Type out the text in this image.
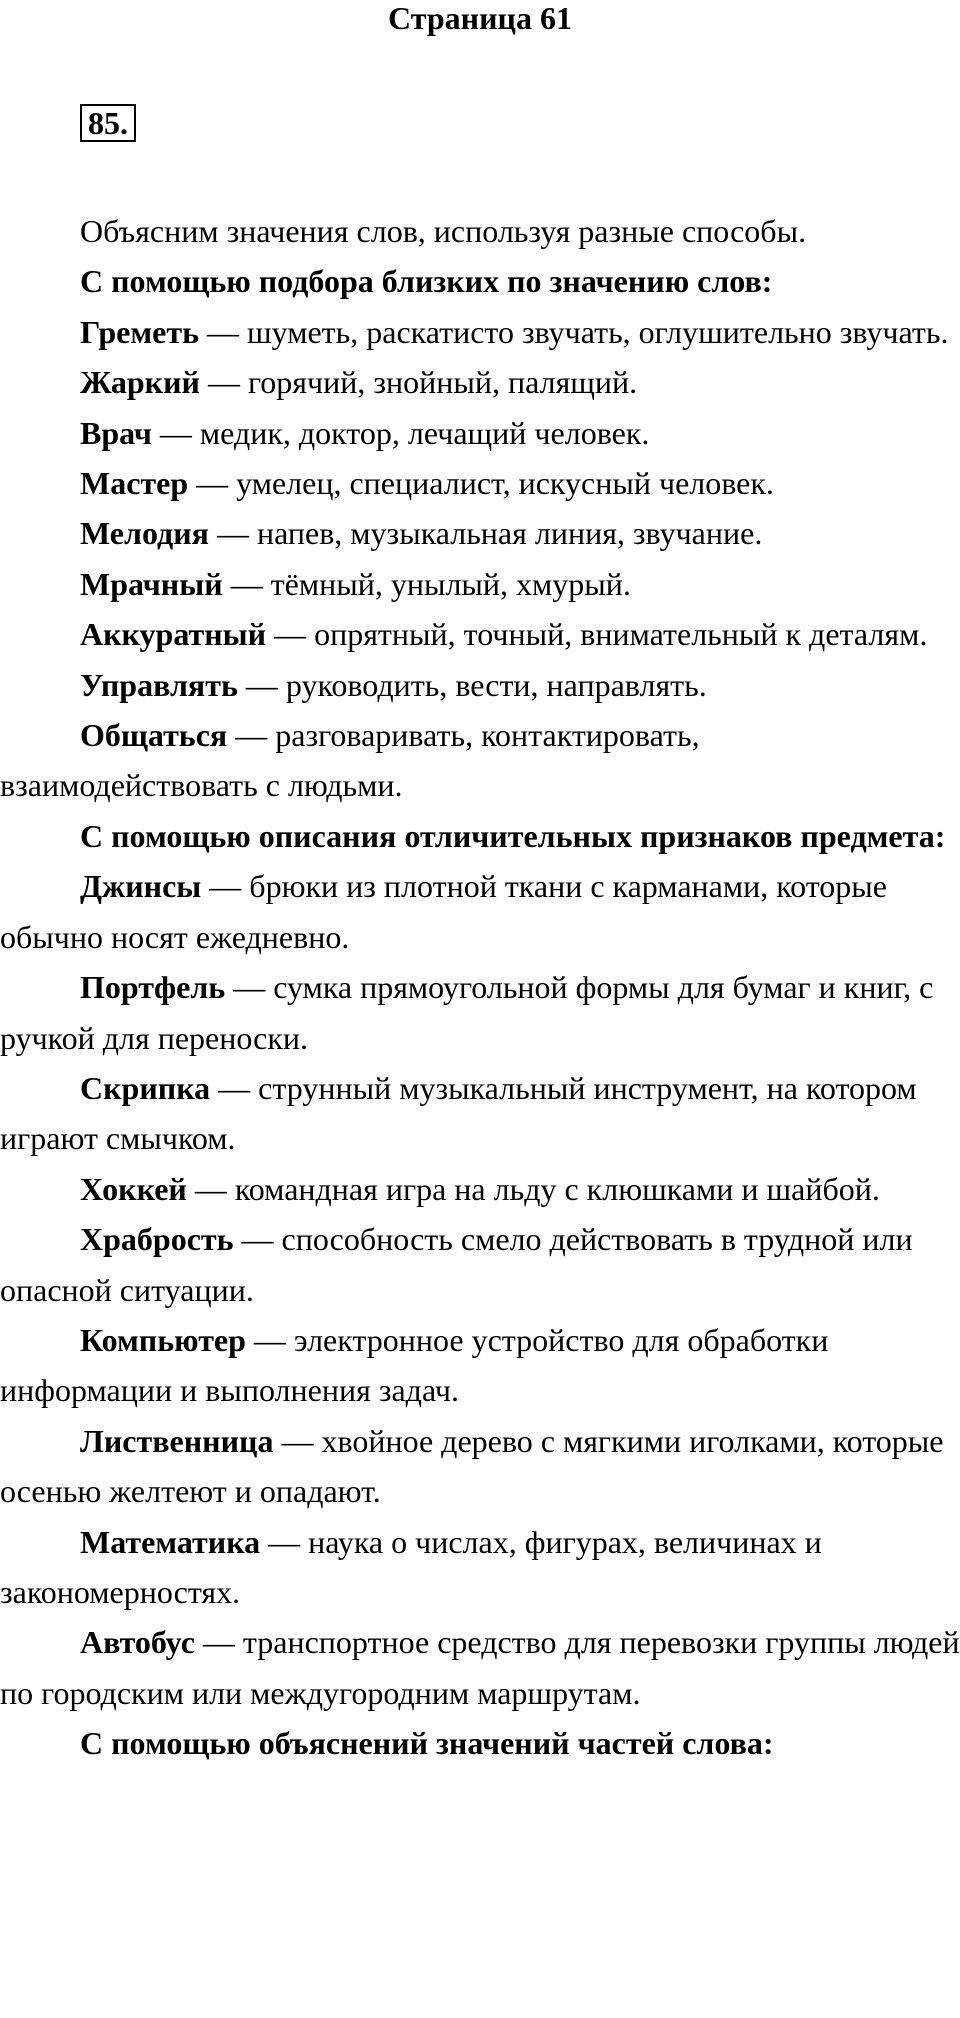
Страница 61
85.

Объясним значения слов, используя разные способы.

С помощью подбора близких по значению слов:

Греметь — шуметь, раскатисто звучать, оглушительно звучать.

Жаркий — горячий, знойный, палящий.

Врач — медик, доктор, лечащий человек.

Мастер — умелец, специалист, искусный человек.

Мелодия — напев, музыкальная линия, звучание.

Мрачный — тёмный, унылый, хмурый.

Аккуратный — опрятный, точный, внимательный к деталям.

Управлять — руководить, вести, направлять.

Общаться — разговаривать, контактировать, взаимодействовать с людьми.

С помощью описания отличительных признаков предмета:

Джинсы — брюки из плотной ткани с карманами, которые обычно носят ежедневно.

Портфель — сумка прямоугольной формы для бумаг и книг, с ручкой для переноски.

Скрипка — струнный музыкальный инструмент, на котором играют смычком.

Хоккей — командная игра на льду с клюшками и шайбой.

Храбрость — способность смело действовать в трудной или опасной ситуации.

Компьютер — электронное устройство для обработки информации и выполнения задач.

Лиственница — хвойное дерево с мягкими иголками, которые осенью желтеют и опадают.

Математика — наука о числах, фигурах, величинах и закономерностях.

Автобус — транспортное средство для перевозки группы людей по городским или междугородним маршрутам.

С помощью объяснений значений частей слова:
